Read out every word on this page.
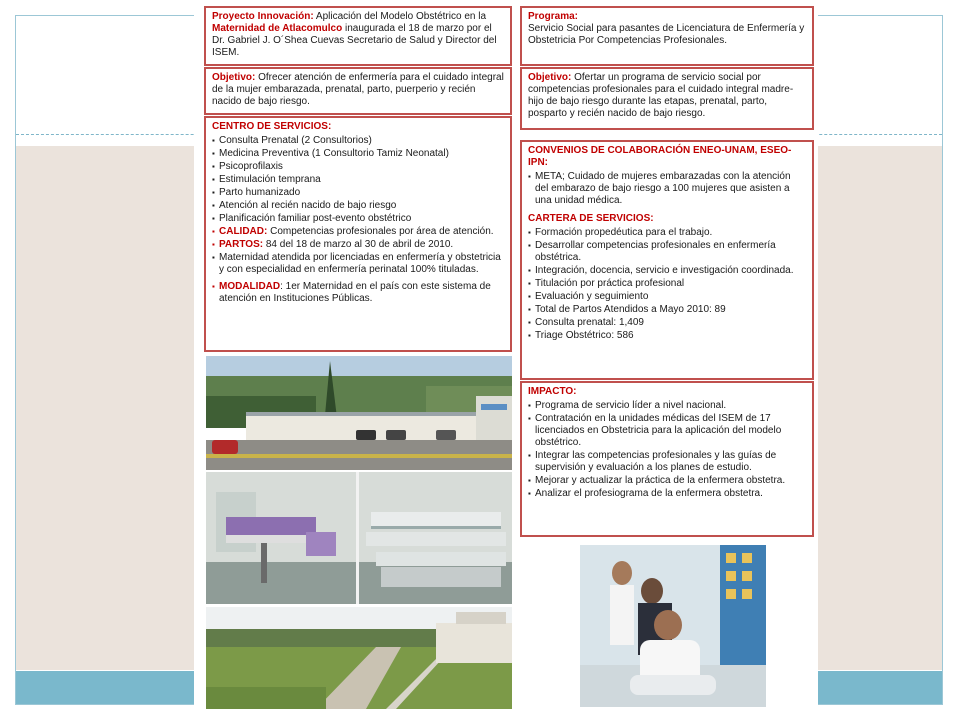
Proyecto Innovación: Aplicación del Modelo Obstétrico en la Maternidad de Atlacomulco inaugurada el 18 de marzo por el Dr. Gabriel J. O´Shea Cuevas Secretario de Salud y Director del ISEM.
Objetivo: Ofrecer atención de enfermería para el cuidado integral de la mujer embarazada, prenatal, parto, puerperio y recién nacido de bajo riesgo.
CENTRO DE SERVICIOS:
▪ Consulta Prenatal (2 Consultorios)
▪ Medicina Preventiva (1 Consultorio Tamiz Neonatal)
▪ Psicoprofilaxis
▪ Estimulación temprana
▪ Parto humanizado
▪ Atención al recién nacido de bajo riesgo
▪ Planificación familiar post-evento obstétrico
▪ CALIDAD: Competencias profesionales por área de atención.
▪ PARTOS: 84 del 18 de marzo al 30 de abril de 2010.
▪ Maternidad atendida por licenciadas en enfermería y obstetricia y con especialidad en enfermería perinatal 100% tituladas.
▪ MODALIDAD: 1er Maternidad en el país con este sistema de atención en Instituciones Públicas.
Programa:
Servicio Social para pasantes de Licenciatura de Enfermería y Obstetricia Por Competencias Profesionales.
Objetivo: Ofertar un programa de servicio social por competencias profesionales para el cuidado integral madre-hijo de bajo riesgo durante las etapas, prenatal, parto, posparto y recién nacido de bajo riesgo.
CONVENIOS DE COLABORACIÓN ENEO-UNAM, ESEO-IPN:
▪ META; Cuidado de mujeres embarazadas con la atención del embarazo de bajo riesgo a 100 mujeres que asisten a una unidad médica.
CARTERA DE SERVICIOS:
▪ Formación propedéutica para el trabajo.
▪ Desarrollar competencias profesionales en enfermería obstétrica.
▪ Integración, docencia, servicio e investigación coordinada.
▪ Titulación por práctica profesional
▪ Evaluación y seguimiento
▪ Total de Partos Atendidos a Mayo 2010: 89
▪ Consulta prenatal: 1,409
▪ Triage Obstétrico: 586
IMPACTO:
▪ Programa de servicio líder a nivel nacional.
▪ Contratación en la unidades médicas del ISEM de 17 licenciados en Obstetricia para la aplicación del modelo obstétrico.
▪ Integrar las competencias profesionales y las guías de supervisión y evaluación a los planes de estudio.
▪ Mejorar y actualizar la práctica de la enfermera obstetra.
▪ Analizar el profesiograma de la enfermera obstetra.
